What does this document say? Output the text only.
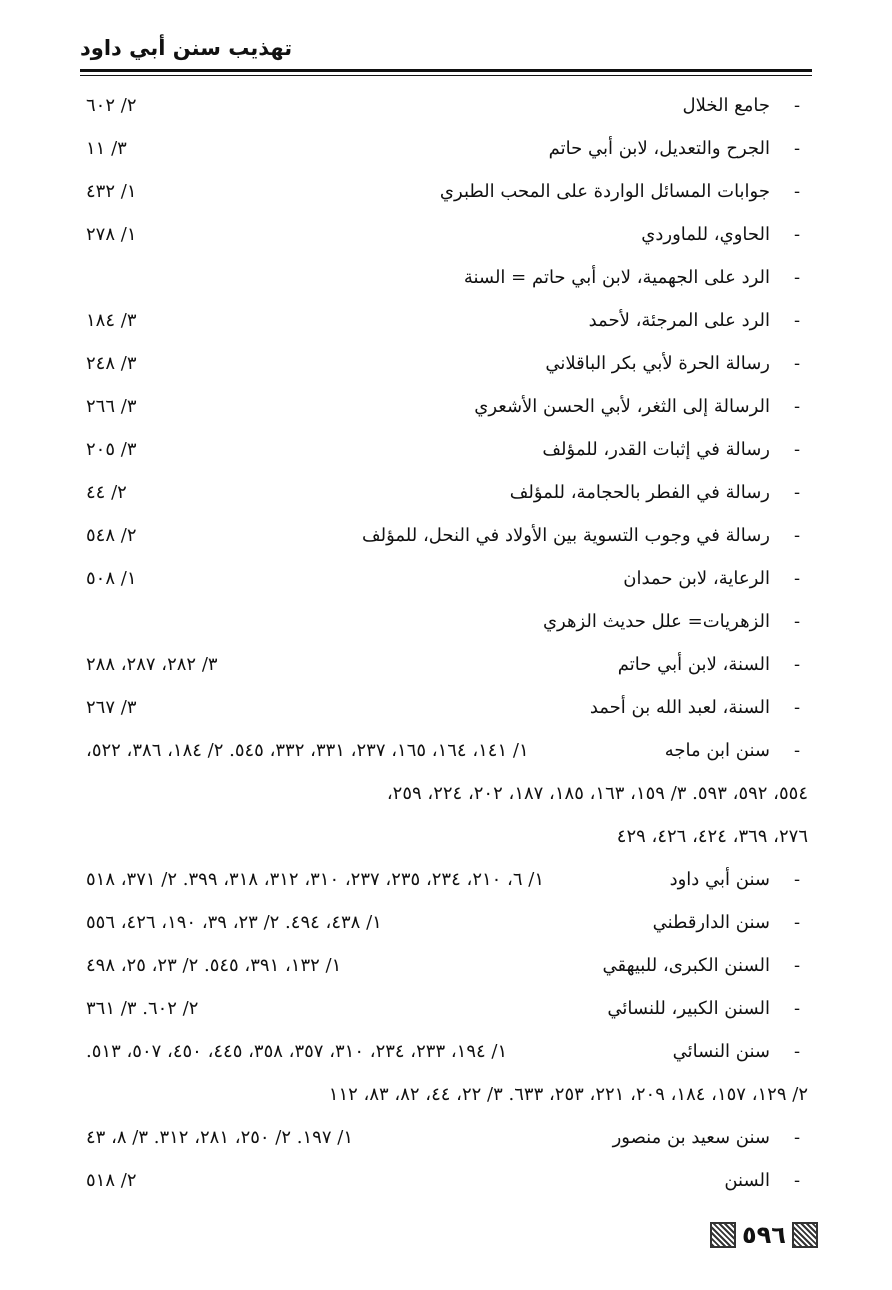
تهذيب سنن أبي داود
-
جامع الخلال
٢/ ٦٠٢
-
الجرح والتعديل، لابن أبي حاتم
٣/ ١١
-
جوابات المسائل الواردة على المحب الطبري
١/ ٤٣٢
-
الحاوي، للماوردي
١/ ٢٧٨
-
الرد على الجهمية، لابن أبي حاتم = السنة
-
الرد على المرجئة، لأحمد
٣/ ١٨٤
-
رسالة الحرة لأبي بكر الباقلاني
٣/ ٢٤٨
-
الرسالة إلى الثغر، لأبي الحسن الأشعري
٣/ ٢٦٦
-
رسالة في إثبات القدر، للمؤلف
٣/ ٢٠٥
-
رسالة في الفطر بالحجامة، للمؤلف
٢/ ٤٤
-
رسالة في وجوب التسوية بين الأولاد في النحل، للمؤلف
٢/ ٥٤٨
-
الرعاية، لابن حمدان
١/ ٥٠٨
-
الزهريات= علل حديث الزهري
-
السنة، لابن أبي حاتم
٣/ ٢٨٢، ٢٨٧، ٢٨٨
-
السنة، لعبد الله بن أحمد
٣/ ٢٦٧
-
سنن ابن ماجه
١/ ١٤١، ١٦٤، ١٦٥، ٢٣٧، ٣٣١، ٣٣٢، ٥٤٥. ٢/ ١٨٤، ٣٨٦، ٥٢٢،
٥٥٤، ٥٩٢، ٥٩٣. ٣/ ١٥٩، ١٦٣، ١٨٥، ١٨٧، ٢٠٢، ٢٢٤، ٢٥٩،
٢٧٦، ٣٦٩، ٤٢٤، ٤٢٦، ٤٢٩
-
سنن أبي داود
١/ ٦، ٢١٠، ٢٣٤، ٢٣٥، ٢٣٧، ٣١٠، ٣١٢، ٣١٨، ٣٩٩. ٢/ ٣٧١، ٥١٨
-
سنن الدارقطني
١/ ٤٣٨، ٤٩٤. ٢/ ٢٣، ٣٩، ١٩٠، ٤٢٦، ٥٥٦
-
السنن الكبرى، للبيهقي
١/ ١٣٢، ٣٩١، ٥٤٥. ٢/ ٢٣، ٢٥، ٤٩٨
-
السنن الكبير، للنسائي
٢/ ٦٠٢. ٣/ ٣٦١
-
سنن النسائي
١/ ١٩٤، ٢٣٣، ٢٣٤، ٣١٠، ٣٥٧، ٣٥٨، ٤٤٥، ٤٥٠، ٥٠٧، ٥١٣.
٢/ ١٢٩، ١٥٧، ١٨٤، ٢٠٩، ٢٢١، ٢٥٣، ٦٣٣. ٣/ ٢٢، ٤٤، ٨٢، ٨٣، ١١٢
-
سنن سعيد بن منصور
١/ ١٩٧. ٢/ ٢٥٠، ٢٨١، ٣١٢. ٣/ ٨، ٤٣
-
السنن
٢/ ٥١٨
٥٩٦
